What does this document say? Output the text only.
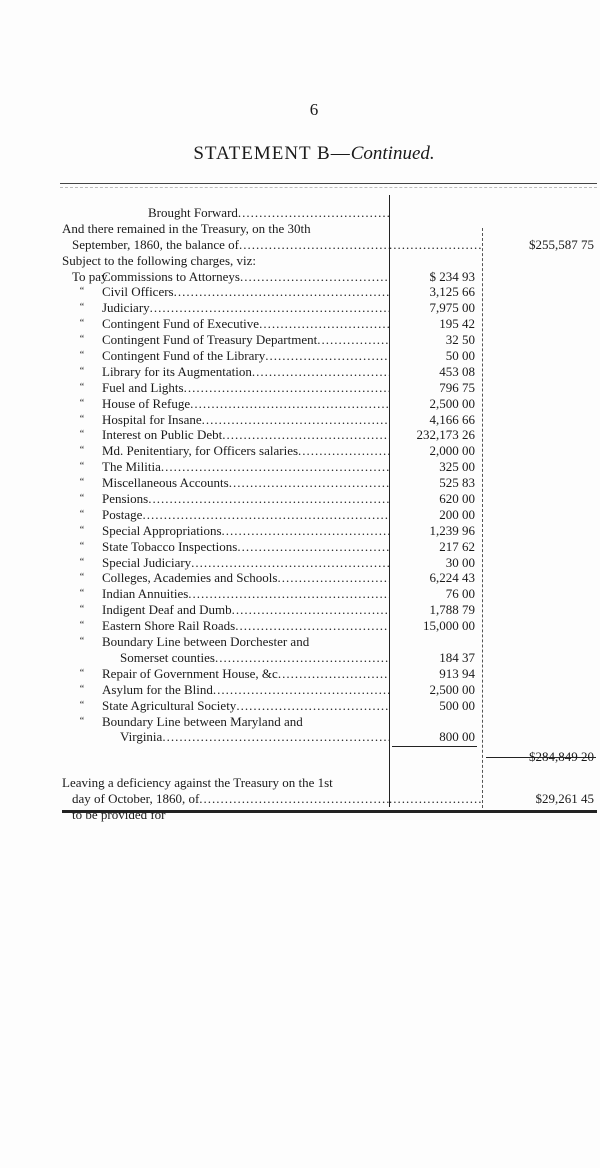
6
STATEMENT B—Continued.
Brought Forward
.....
And there remained in the Treasury, on the 30th
September, 1860, the balance of ..... .....	$255,587 75
Subject to the following charges, viz:
To pay
Commissions to Attorneys .....	$ 234 93
“	Civil Officers .....	3,125 66
“	Judiciary .....	7,975 00
“	Contingent Fund of Executive .....	195 42
“	Contingent Fund of Treasury Department .....	32 50
“	Contingent Fund of the Library .....	50 00
“	Library for its Augmentation .....	453 08
“	Fuel and Lights .....	796 75
“	House of Refuge .....	2,500 00
“	Hospital for Insane .....	4,166 66
“	Interest on Public Debt .....	232,173 26
“	Md. Penitentiary, for Officers salaries .....	2,000 00
“	The Militia .....	325 00
“	Miscellaneous Accounts .....	525 83
“	Pensions .....	620 00
“	Postage .....	200 00
“	Special Appropriations .....	1,239 96
“	State Tobacco Inspections .....	217 62
“	Special Judiciary .....	30 00
“	Colleges, Academies and Schools .....	6,224 43
“	Indian Annuities .....	76 00
“	Indigent Deaf and Dumb .....	1,788 79
“	Eastern Shore Rail Roads .....	15,000 00
“	Boundary Line between Dorchester and
Somerset counties .....	184 37
“	Repair of Government House, &c .....	913 94
“	Asylum for the Blind .....	2,500 00
“	State Agricultural Society .....	500 00
“	Boundary Line between Maryland and
Virginia .....	800 00
$284,849 20
Leaving a deficiency against the Treasury on the 1st
day of October, 1860, of ..... .....	$29,261 45
to be provided for
